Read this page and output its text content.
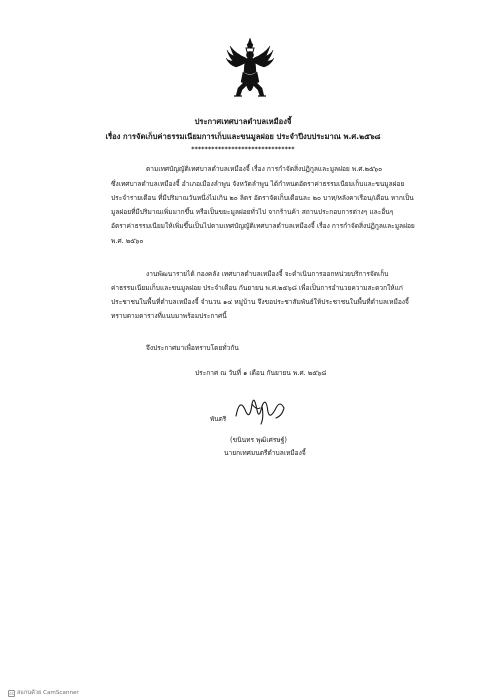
ประกาศเทศบาลตำบลเหมืองจี้
เรื่อง การจัดเก็บค่าธรรมเนียมการเก็บและขนมูลฝอย ประจำปีงบประมาณ พ.ศ.๒๕๖๘
*******************************
ตามเทศบัญญัติเทศบาลตำบลเหมืองจี้ เรื่อง การกำจัดสิ่งปฏิกูลและมูลฝอย พ.ศ.๒๕๖๐
ซึ่งเทศบาลตำบลเหมืองจี้ อำเภอเมืองลำพูน จังหวัดลำพูน ได้กำหนดอัตราค่าธรรมเนียมเก็บและขนมูลฝอย
ประจำรายเดือน ที่มีปริมาณวันหนึ่งไม่เกิน ๒๐ ลิตร อัตราจัดเก็บเดือนละ ๒๐ บาท/หลังคาเรือน/เดือน หากเป็น
มูลฝอยที่มีปริมาณเพิ่มมากขึ้น หรือเป็นขยะมูลฝอยทั่วไป จากร้านค้า สถานประกอบการต่างๆ และอื่นๆ
อัตราค่าธรรมเนียมให้เพิ่มขึ้นเป็นไปตามเทศบัญญัติเทศบาลตำบลเหมืองจี้ เรื่อง การกำจัดสิ่งปฏิกูลและมูลฝอย
พ.ศ. ๒๕๖๐
งานพัฒนารายได้ กองคลัง เทศบาลตำบลเหมืองจี้ จะดำเนินการออกหน่วยบริการจัดเก็บ
ค่าธรรมเนียมเก็บและขนมูลฝอย ประจำเดือน กันยายน พ.ศ.๒๕๖๘ เพื่อเป็นการอำนวยความสะดวกให้แก่
ประชาชนในพื้นที่ตำบลเหมืองจี้ จำนวน ๑๔ หมู่บ้าน จึงขอประชาสัมพันธ์ให้ประชาชนในพื้นที่ตำบลเหมืองจี้
ทราบตามตารางที่แนบมาพร้อมประกาศนี้
จึงประกาศมาเพื่อทราบโดยทั่วกัน
ประกาศ ณ วันที่ ๑ เดือน กันยายน พ.ศ. ๒๕๖๘
พันตรี
(ขนินทร พุฒิเศรษฐ์)
นายกเทศมนตรีตำบลเหมืองจี้
cs สแกนด้วย CamScanner
